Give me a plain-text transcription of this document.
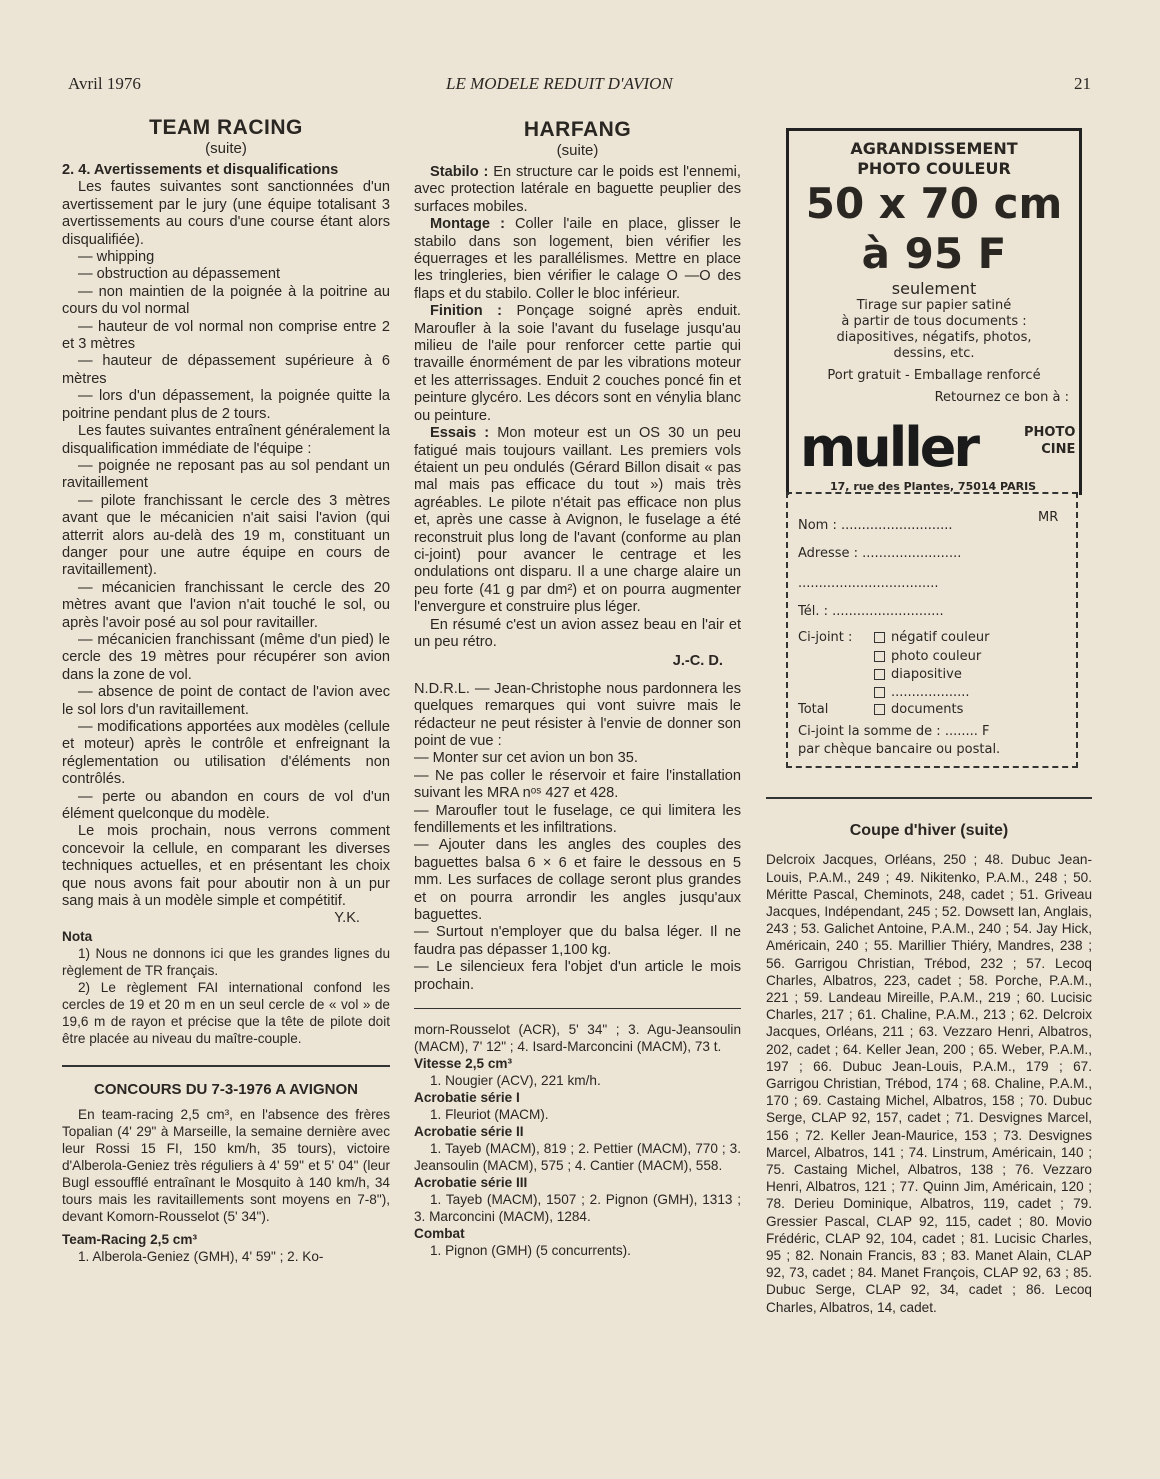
Avril 1976	LE MODELE REDUIT D'AVION	21
TEAM RACING
(suite)

2. 4. Avertissements et disqualifications

Les fautes suivantes sont sanctionnées d'un avertissement par le jury (une équipe totalisant 3 avertissements au cours d'une course étant alors disqualifiée).

— whipping

— obstruction au dépassement

— non maintien de la poignée à la poitrine au cours du vol normal

— hauteur de vol normal non comprise entre 2 et 3 mètres

— hauteur de dépassement supérieure à 6 mètres

— lors d'un dépassement, la poignée quitte la poitrine pendant plus de 2 tours.

Les fautes suivantes entraînent généralement la disqualification immédiate de l'équipe :

— poignée ne reposant pas au sol pendant un ravitaillement

— pilote franchissant le cercle des 3 mètres avant que le mécanicien n'ait saisi l'avion (qui atterrit alors au-delà des 19 m, constituant un danger pour une autre équipe en cours de ravitaillement).

— mécanicien franchissant le cercle des 20 mètres avant que l'avion n'ait touché le sol, ou après l'avoir posé au sol pour ravitailler.

— mécanicien franchissant (même d'un pied) le cercle des 19 mètres pour récupérer son avion dans la zone de vol.

— absence de point de contact de l'avion avec le sol lors d'un ravitaillement.

— modifications apportées aux modèles (cellule et moteur) après le contrôle et enfreignant la réglementation ou utilisation d'éléments non contrôlés.

— perte ou abandon en cours de vol d'un élément quelconque du modèle.

Le mois prochain, nous verrons comment concevoir la cellule, en comparant les diverses techniques actuelles, et en présentant les choix que nous avons fait pour aboutir non à un pur sang mais à un modèle simple et compétitif.

Y.K.

Nota

1) Nous ne donnons ici que les grandes lignes du règlement de TR français.

2) Le règlement FAI international confond les cercles de 19 et 20 m en un seul cercle de « vol » de 19,6 m de rayon et précise que la tête de pilote doit être placée au niveau du maître-couple.

CONCOURS DU 7-3-1976 A AVIGNON

En team-racing 2,5 cm³, en l'absence des frères Topalian (4' 29" à Marseille, la semaine dernière avec leur Rossi 15 FI, 150 km/h, 35 tours), victoire d'Alberola-Geniez très réguliers à 4' 59" et 5' 04" (leur Bugl essoufflé entraînant le Mosquito à 140 km/h, 34 tours mais les ravitaillements sont moyens en 7-8"), devant Komorn-Rousselot (5' 34").

Team-Racing 2,5 cm³

1. Alberola-Geniez (GMH), 4' 59" ; 2. Ko-

HARFANG
(suite)

Stabilo : En structure car le poids est l'ennemi, avec protection latérale en baguette peuplier des surfaces mobiles.

Montage : Coller l'aile en place, glisser le stabilo dans son logement, bien vérifier les équerrages et les parallélismes. Mettre en place les tringleries, bien vérifier le calage O —O des flaps et du stabilo. Coller le bloc inférieur.

Finition : Ponçage soigné après enduit. Maroufler à la soie l'avant du fuselage jusqu'au milieu de l'aile pour renforcer cette partie qui travaille énormément de par les vibrations moteur et les atterrissages. Enduit 2 couches poncé fin et peinture glycéro. Les décors sont en vénylia blanc ou peinture.

Essais : Mon moteur est un OS 30 un peu fatigué mais toujours vaillant. Les premiers vols étaient un peu ondulés (Gérard Billon disait « pas mal mais pas efficace du tout ») mais très agréables. Le pilote n'était pas efficace non plus et, après une casse à Avignon, le fuselage a été reconstruit plus long de l'avant (conforme au plan ci-joint) pour avancer le centrage et les ondulations ont disparu. Il a une charge alaire un peu forte (41 g par dm²) et on pourra augmenter l'envergure et construire plus léger.

En résumé c'est un avion assez beau en l'air et un peu rétro.

J.-C. D.

N.D.R.L. — Jean-Christophe nous pardonnera les quelques remarques qui vont suivre mais le rédacteur ne peut résister à l'envie de donner son point de vue :

— Monter sur cet avion un bon 35.

— Ne pas coller le réservoir et faire l'installation suivant les MRA nᵒˢ 427 et 428.

— Maroufler tout le fuselage, ce qui limitera les fendillements et les infiltrations.

— Ajouter dans les angles des couples des baguettes balsa 6 × 6 et faire le dessous en 5 mm. Les surfaces de collage seront plus grandes et on pourra arrondir les angles jusqu'aux baguettes.

— Surtout n'employer que du balsa léger. Il ne faudra pas dépasser 1,100 kg.

— Le silencieux fera l'objet d'un article le mois prochain.

morn-Rousselot (ACR), 5' 34" ; 3. Agu-Jeansoulin (MACM), 7' 12" ; 4. Isard-Marconcini (MACM), 73 t.

Vitesse 2,5 cm³

1. Nougier (ACV), 221 km/h.

Acrobatie série I

1. Fleuriot (MACM).

Acrobatie série II

1. Tayeb (MACM), 819 ; 2. Pettier (MACM), 770 ; 3. Jeansoulin (MACM), 575 ; 4. Cantier (MACM), 558.

Acrobatie série III

1. Tayeb (MACM), 1507 ; 2. Pignon (GMH), 1313 ; 3. Marconcini (MACM), 1284.

Combat

1. Pignon (GMH) (5 concurrents).

AGRANDISSEMENT
PHOTO COULEUR
50 x 70 cm
à 95 F
seulement
Tirage sur papier satiné
à partir de tous documents :
diapositives, négatifs, photos,
dessins, etc.
Port gratuit - Emballage renforcé
Retournez ce bon à :
muller	PHOTO
CINE
17, rue des Plantes, 75014 PARIS
MR
Nom : ...........................
Adresse : ........................
..................................
Tél. : ...........................
Ci-joint :	négatif couleur
photo couleur
diapositive
...................
Total	documents
Ci-joint la somme de : ........ F
par chèque bancaire ou postal.
Coupe d'hiver (suite)

Delcroix Jacques, Orléans, 250 ; 48. Dubuc Jean-Louis, P.A.M., 249 ; 49. Nikitenko, P.A.M., 248 ; 50. Méritte Pascal, Cheminots, 248, cadet ; 51. Griveau Jacques, Indépendant, 245 ; 52. Dowsett Ian, Anglais, 243 ; 53. Galichet Antoine, P.A.M., 240 ; 54. Jay Hick, Américain, 240 ; 55. Marillier Thiéry, Mandres, 238 ; 56. Garrigou Christian, Trébod, 232 ; 57. Lecoq Charles, Albatros, 223, cadet ; 58. Porche, P.A.M., 221 ; 59. Landeau Mireille, P.A.M., 219 ; 60. Lucisic Charles, 217 ; 61. Chaline, P.A.M., 213 ; 62. Delcroix Jacques, Orléans, 211 ; 63. Vezzaro Henri, Albatros, 202, cadet ; 64. Keller Jean, 200 ; 65. Weber, P.A.M., 197 ; 66. Dubuc Jean-Louis, P.A.M., 179 ; 67. Garrigou Christian, Trébod, 174 ; 68. Chaline, P.A.M., 170 ; 69. Castaing Michel, Albatros, 158 ; 70. Dubuc Serge, CLAP 92, 157, cadet ; 71. Desvignes Marcel, 156 ; 72. Keller Jean-Maurice, 153 ; 73. Desvignes Marcel, Albatros, 141 ; 74. Linstrum, Américain, 140 ; 75. Castaing Michel, Albatros, 138 ; 76. Vezzaro Henri, Albatros, 121 ; 77. Quinn Jim, Américain, 120 ; 78. Derieu Dominique, Albatros, 119, cadet ; 79. Gressier Pascal, CLAP 92, 115, cadet ; 80. Movio Frédéric, CLAP 92, 104, cadet ; 81. Lucisic Charles, 95 ; 82. Nonain Francis, 83 ; 83. Manet Alain, CLAP 92, 73, cadet ; 84. Manet François, CLAP 92, 63 ; 85. Dubuc Serge, CLAP 92, 34, cadet ; 86. Lecoq Charles, Albatros, 14, cadet.
